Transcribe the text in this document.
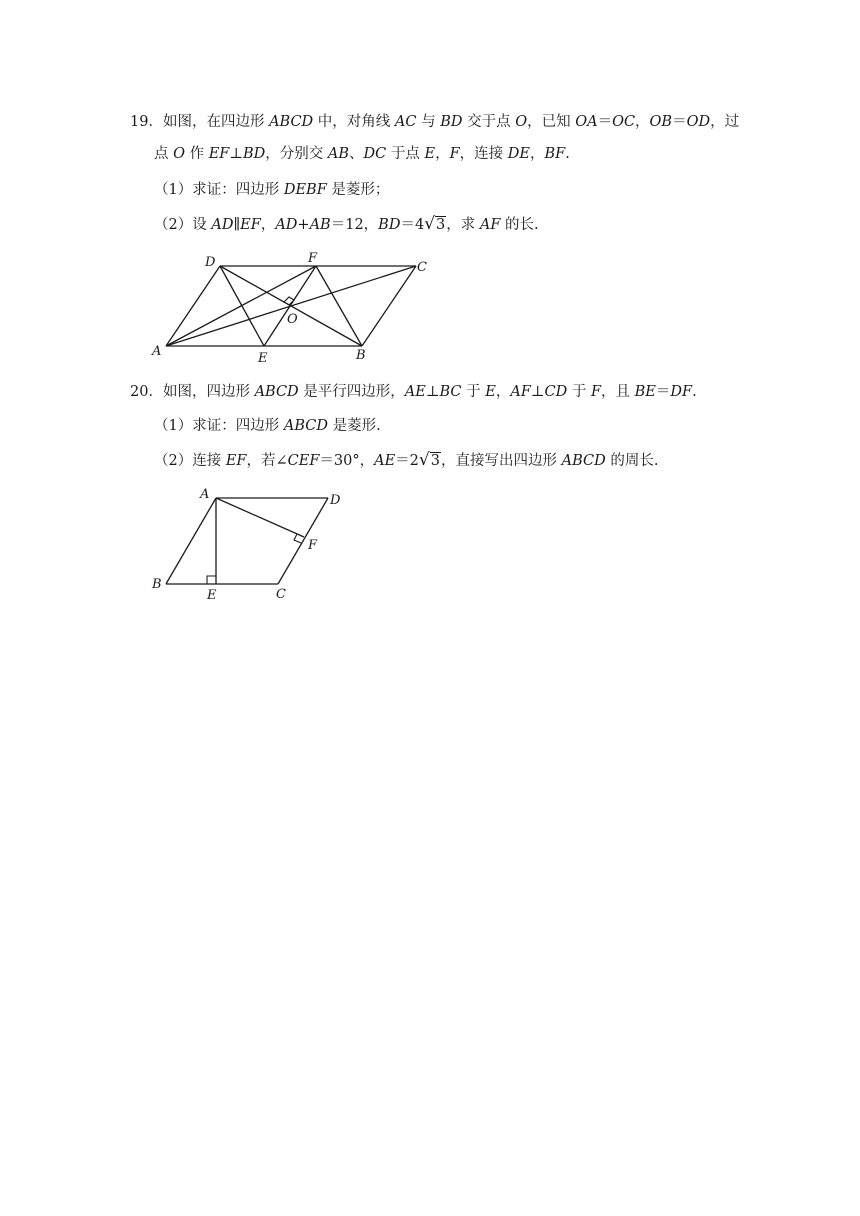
19．如图，在四边形 ABCD 中，对角线 AC 与 BD 交于点 O，已知 OA＝OC，OB＝OD，过
点 O 作 EF⊥BD，分别交 AB、DC 于点 E，F，连接 DE，BF.
（1）求证：四边形 DEBF 是菱形；
（2）设 AD∥EF，AD+AB＝12，BD＝4√3，求 AF 的长.
D	F
C
O
A	E	B
20．如图，四边形 ABCD 是平行四边形，AE⊥BC 于 E，AF⊥CD 于 F，且 BE＝DF.
（1）求证：四边形 ABCD 是菱形.
（2）连接 EF，若∠CEF＝30°，AE＝2√3，直接写出四边形 ABCD 的周长.
A	D
F
B
E	C
